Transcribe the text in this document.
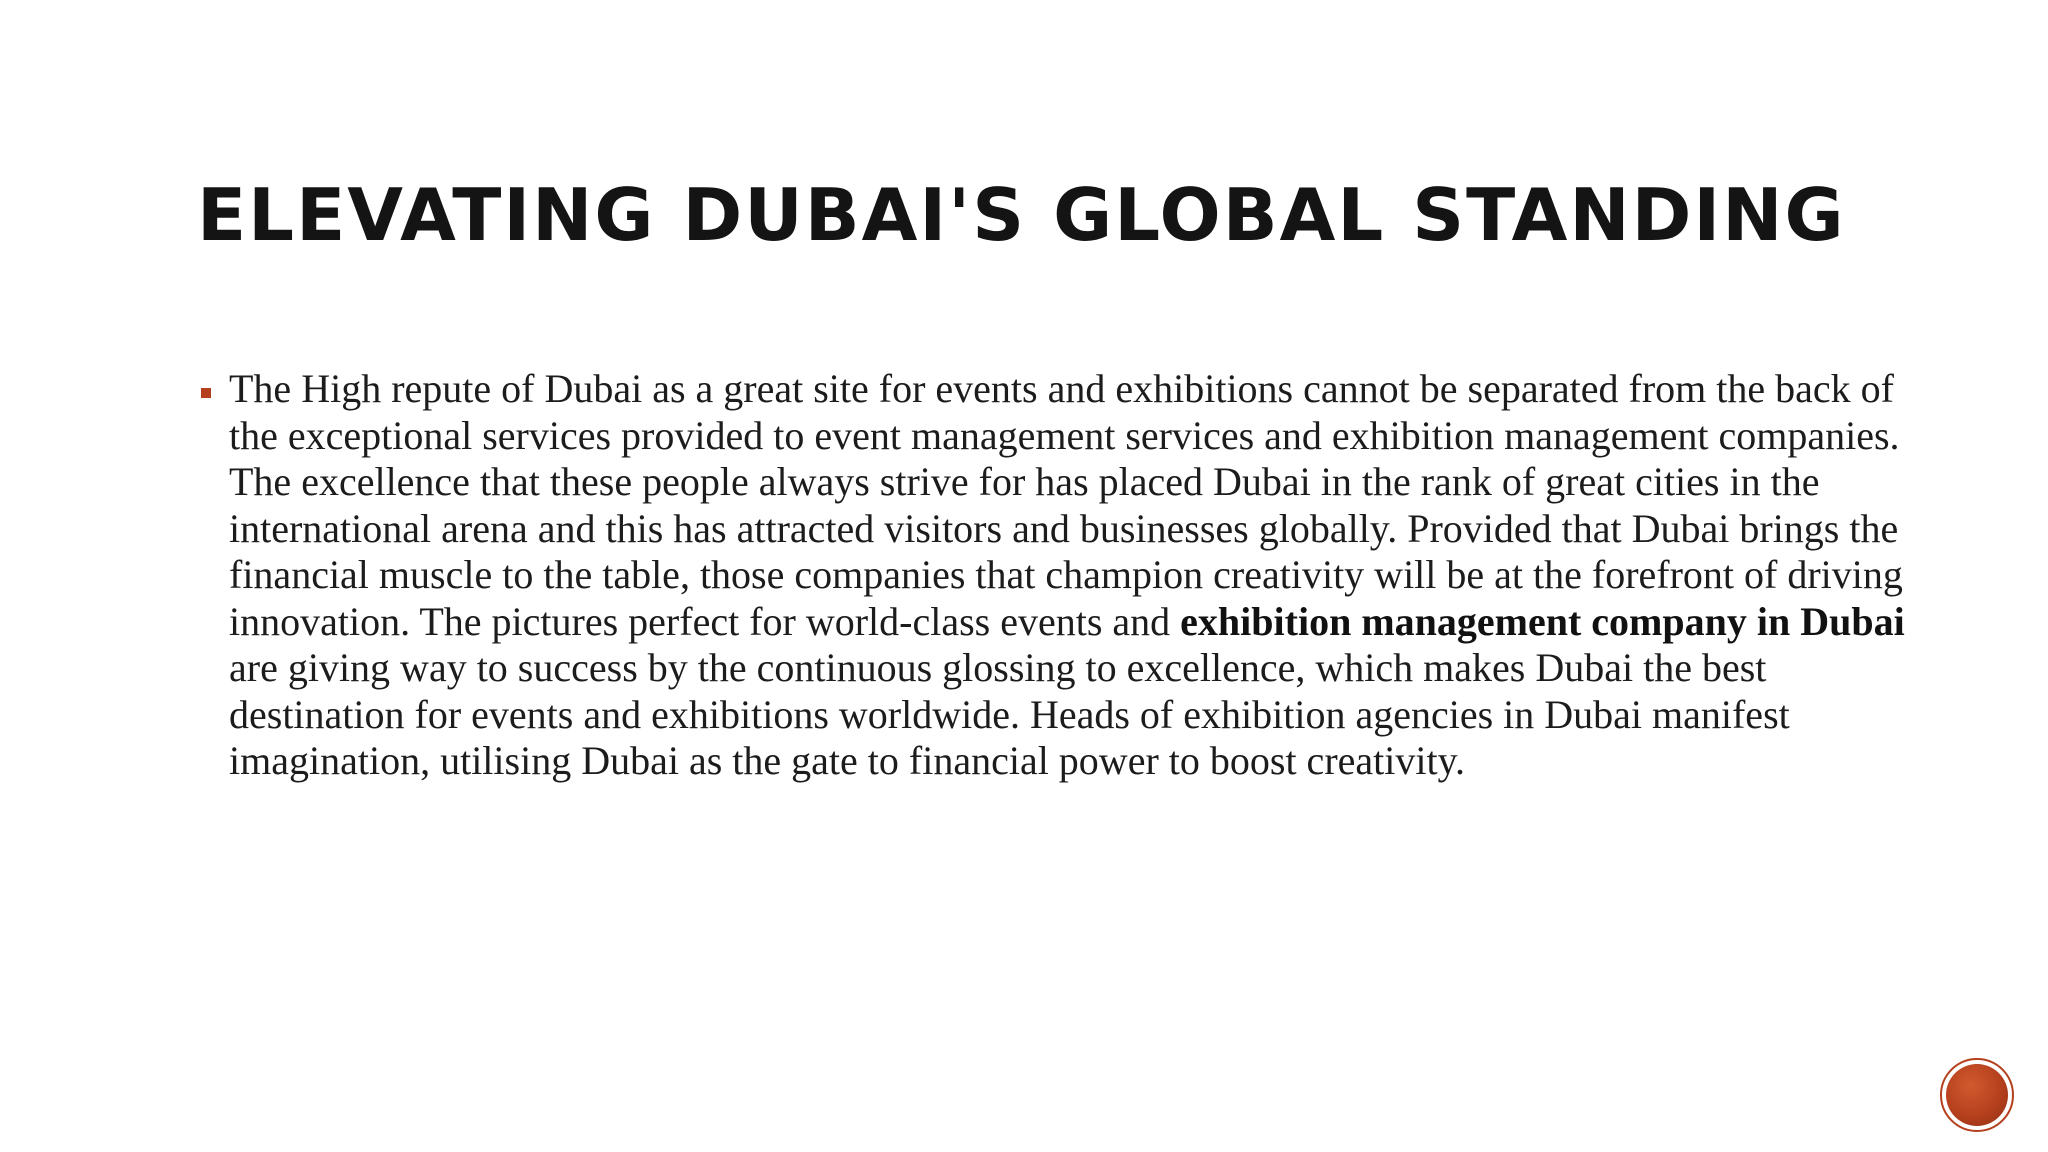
ELEVATING DUBAI'S GLOBAL STANDING
The High repute of Dubai as a great site for events and exhibitions cannot be separated from the back of the exceptional services provided to event management services and exhibition management companies. The excellence that these people always strive for has placed Dubai in the rank of great cities in the international arena and this has attracted visitors and businesses globally. Provided that Dubai brings the financial muscle to the table, those companies that champion creativity will be at the forefront of driving innovation. The pictures perfect for world-class events and exhibition management company in Dubai are giving way to success by the continuous glossing to excellence, which makes Dubai the best destination for events and exhibitions worldwide. Heads of exhibition agencies in Dubai manifest imagination, utilising Dubai as the gate to financial power to boost creativity.
